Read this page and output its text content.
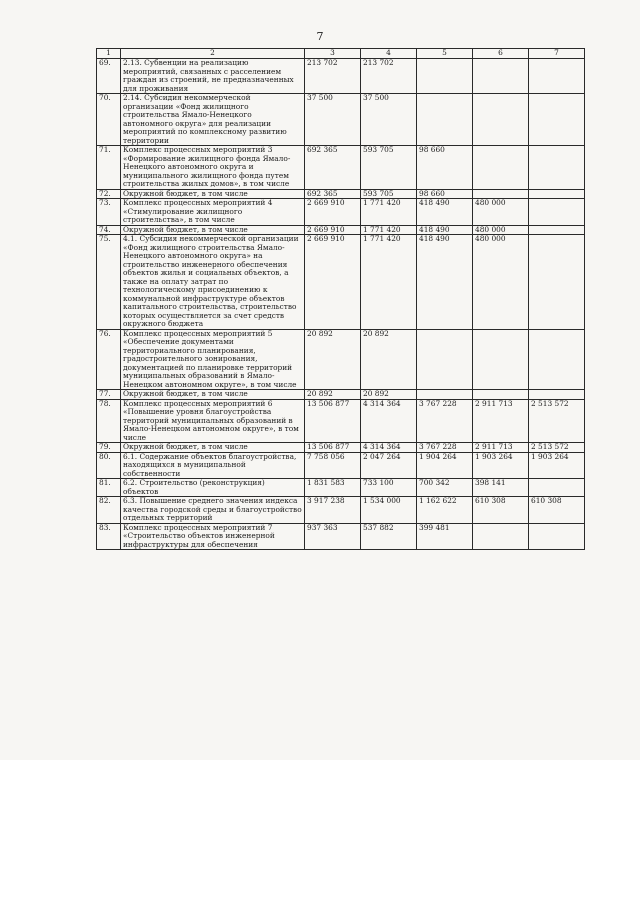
7
1	2	3	4	5	6	7
69.	2.13. Субвенции на реализацию мероприятий, связанных с расселением граждан из строений, не предназначенных для проживания	213 702	213 702			
70.	2.14. Субсидия некоммерческой организации «Фонд жилищного строительства Ямало-Ненецкого автономного округа» для реализации мероприятий по комплексному развитию территории	37 500	37 500			
71.	Комплекс процессных мероприятий 3 «Формирование жилищного фонда Ямало-Ненецкого автономного округа и муниципального жилищного фонда путем строительства жилых домов», в том числе	692 365	593 705	98 660		
72.	Окружной бюджет, в том числе	692 365	593 705	98 660		
73.	Комплекс процессных мероприятий 4 «Стимулирование жилищного строительства», в том числе	2 669 910	1 771 420	418 490	480 000	
74.	Окружной бюджет, в том числе	2 669 910	1 771 420	418 490	480 000	
75.	4.1. Субсидия некоммерческой организации «Фонд жилищного строительства Ямало-Ненецкого автономного округа» на строительство инженерного обеспечения объектов жилья и социальных объектов, а также на оплату затрат по технологическому присоединению к коммунальной инфраструктуре объектов капитального строительства, строительство которых осуществляется за счет средств окружного бюджета	2 669 910	1 771 420	418 490	480 000	
76.	Комплекс процессных мероприятий 5 «Обеспечение документами территориального планирования, градостроительного зонирования, документацией по планировке территорий муниципальных образований в Ямало-Ненецком автономном округе», в том числе	20 892	20 892			
77.	Окружной бюджет, в том числе	20 892	20 892			
78.	Комплекс процессных мероприятий 6 «Повышение уровня благоустройства территорий муниципальных образований в Ямало-Ненецком автономном округе», в том числе	13 506 877	4 314 364	3 767 228	2 911 713	2 513 572
79.	Окружной бюджет, в том числе	13 506 877	4 314 364	3 767 228	2 911 713	2 513 572
80.	6.1. Содержание объектов благоустройства, находящихся в муниципальной собственности	7 758 056	2 047 264	1 904 264	1 903 264	1 903 264
81.	6.2. Строительство (реконструкция) объектов	1 831 583	733 100	700 342	398 141	
82.	6.3. Повышение среднего значения индекса качества городской среды и благоустройство отдельных территорий	3 917 238	1 534 000	1 162 622	610 308	610 308
83.	Комплекс процессных мероприятий 7 «Строительство объектов инженерной инфраструктуры для обеспечения	937 363	537 882	399 481		
